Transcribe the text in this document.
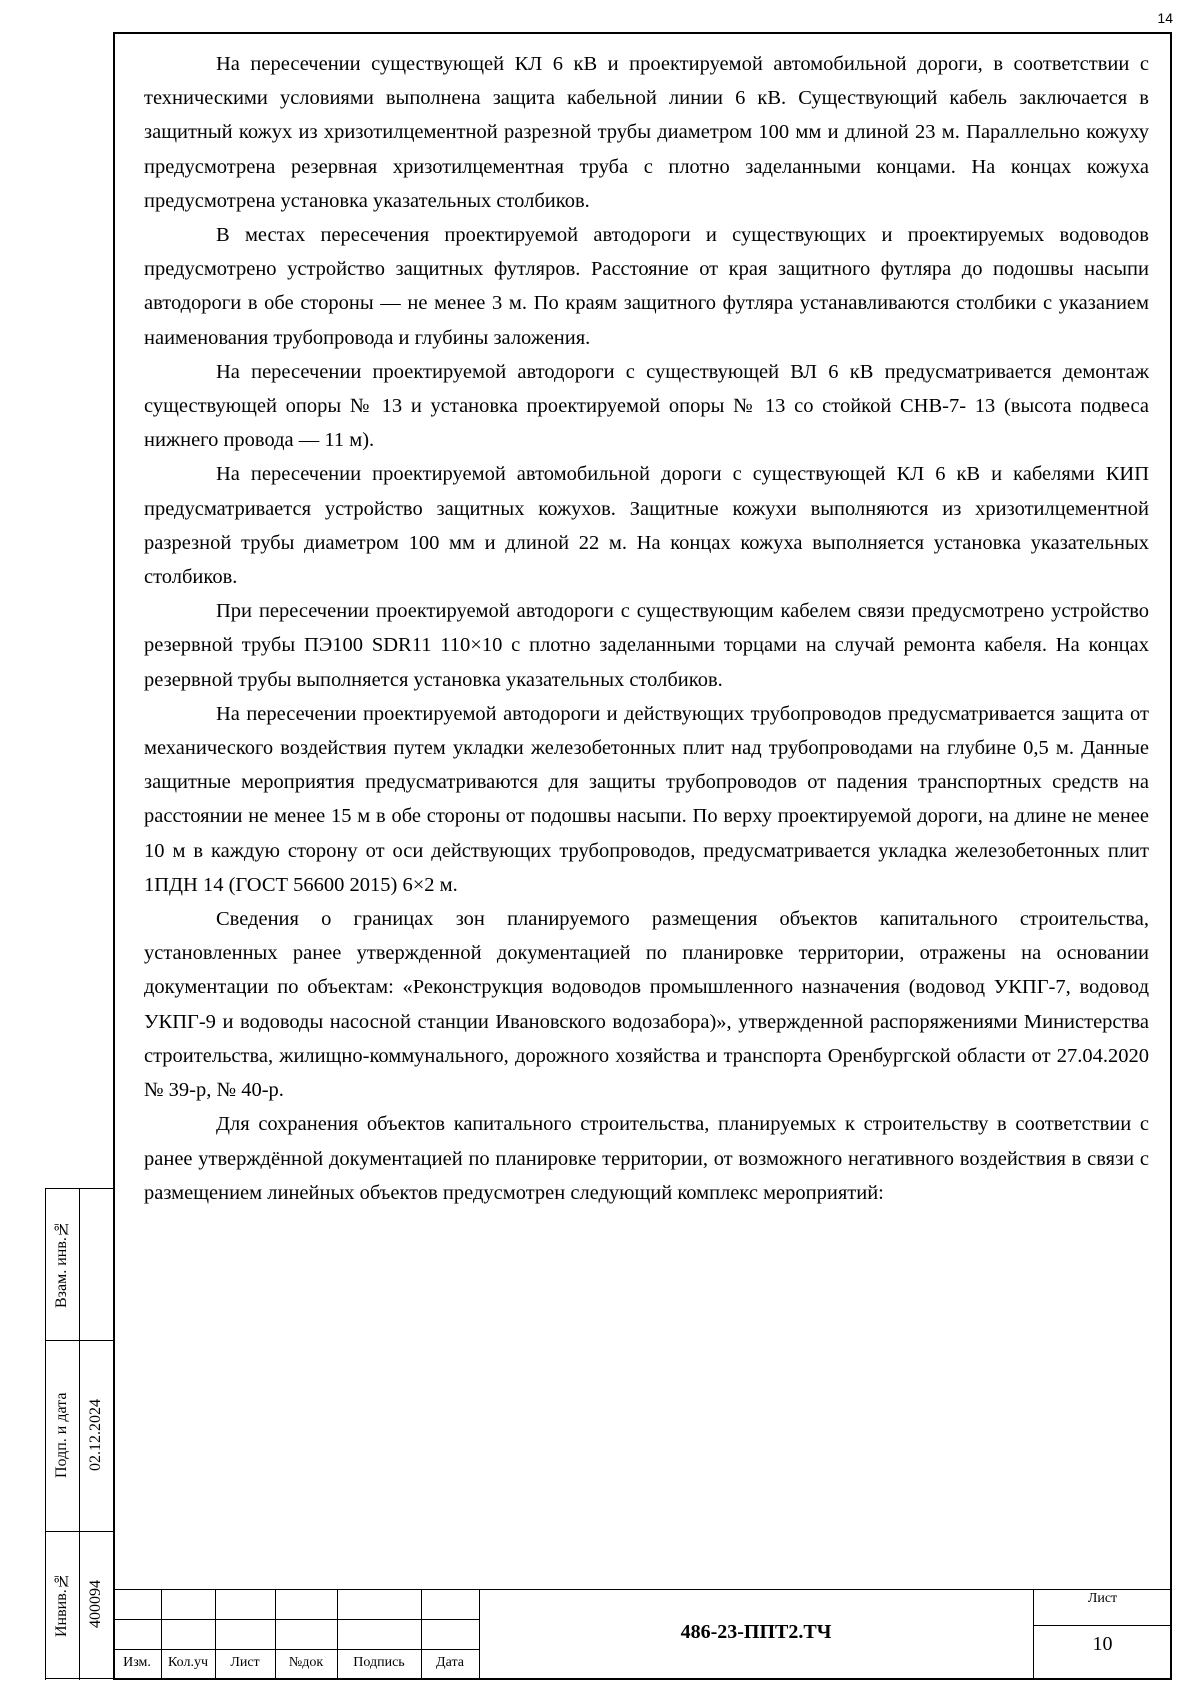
14

На пересечении существующей КЛ 6 кВ и проектируемой автомобильной дороги, в соответствии с техническими условиями выполнена защита кабельной линии 6 кВ. Существующий кабель заключается в защитный кожух из хризотилцементной разрезной трубы диаметром 100 мм и длиной 23 м. Параллельно кожуху предусмотрена резервная хризотилцементная труба с плотно заделанными концами. На концах кожуха предусмотрена установка указательных столбиков.

В местах пересечения проектируемой автодороги и существующих и проектируемых водоводов предусмотрено устройство защитных футляров. Расстояние от края защитного футляра до подошвы насыпи автодороги в обе стороны — не менее 3 м. По краям защитного футляра устанавливаются столбики с указанием наименования трубопровода и глубины заложения.

На пересечении проектируемой автодороги с существующей ВЛ 6 кВ предусматривается демонтаж существующей опоры № 13 и установка проектируемой опоры № 13 со стойкой СНВ-7- 13 (высота подвеса нижнего провода — 11 м).

На пересечении проектируемой автомобильной дороги с существующей КЛ 6 кВ и кабелями КИП предусматривается устройство защитных кожухов. Защитные кожухи выполняются из хризотилцементной разрезной трубы диаметром 100 мм и длиной 22 м. На концах кожуха выполняется установка указательных столбиков.

При пересечении проектируемой автодороги с существующим кабелем связи предусмотрено устройство резервной трубы ПЭ100 SDR11 110×10 с плотно заделанными торцами на случай ремонта кабеля. На концах резервной трубы выполняется установка указательных столбиков.

На пересечении проектируемой автодороги и действующих трубопроводов предусматривается защита от механического воздействия путем укладки железобетонных плит над трубопроводами на глубине 0,5 м. Данные защитные мероприятия предусматриваются для защиты трубопроводов от падения транспортных средств на расстоянии не менее 15 м в обе стороны от подошвы насыпи. По верху проектируемой дороги, на длине не менее 10 м в каждую сторону от оси действующих трубопроводов, предусматривается укладка железобетонных плит 1ПДН 14 (ГОСТ 56600 2015) 6×2 м.

Сведения о границах зон планируемого размещения объектов капитального строительства, установленных ранее утвержденной документацией по планировке территории, отражены на основании документации по объектам: «Реконструкция водоводов промышленного назначения (водовод УКПГ-7, водовод УКПГ-9 и водоводы насосной станции Ивановского водозабора)», утвержденной распоряжениями Министерства строительства, жилищно-коммунального, дорожного хозяйства и транспорта Оренбургской области от 27.04.2020 № 39-р, № 40-р.

Для сохранения объектов капитального строительства, планируемых к строительству в соответствии с ранее утверждённой документацией по планировке территории, от возможного негативного воздействия в связи с размещением линейных объектов предусмотрен следующий комплекс мероприятий:

Взам. инв.№
Подп. и дата	02.12.2024
Инвив.№	400094
Изм.	Кол.уч	Лист	№док	Подпись	Дата
486-23-ППТ2.ТЧ
Лист
10
